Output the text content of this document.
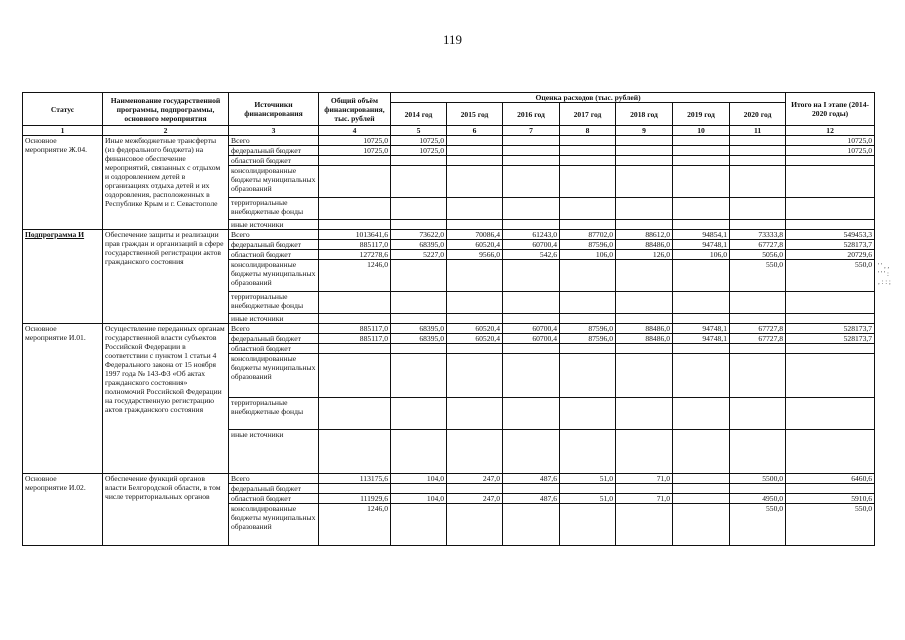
119
Статус	Наименование государственной программы, подпрограммы, основного мероприятия	Источники финансирования	Общий объём финансирования, тыс. рублей	Оценка расходов (тыс. рублей)							Итого на I этапе (2014-2020 годы)
				2014 год	2015 год	2016 год	2017 год	2018 год	2019 год	2020 год	
1	2	3	4	5	6	7	8	9	10	11	12
Основное мероприятие Ж.04.	Иные межбюджетные трансферты (из федерального бюджета) на финансовое обеспечение мероприятий, связанных с отдыхом и оздоровлением детей в организациях отдыха детей и их оздоровления, расположенных в Республике Крым и г. Севастополе	Всего	10725,0	10725,0							10725,0
		федеральный бюджет	10725,0	10725,0							10725,0
		областной бюджет									
		консолидированные бюджеты муниципальных образований									
		территориальные внебюджетные фонды									
		иные источники									
Подпрограмма И	Обеспечение защиты и реализации прав граждан и организаций в сфере государственной регистрации актов гражданского состояния	Всего	1013641,6	73622,0	70086,4	61243,0	87702,0	88612,0	94854,1	73333,8	549453,3
		федеральный бюджет	885117,0	68395,0	60520,4	60700,4	87596,0	88486,0	94748,1	67727,8	528173,7
		областной бюджет	127278,6	5227,0	9566,0	542,6	106,0	126,0	106,0	5056,0	20729,6
		консолидированные бюджеты муниципальных образований	1246,0							550,0	550,0
		территориальные внебюджетные фонды									
		иные источники									
Основное мероприятие И.01.	Осуществление переданных органам государственной власти субъектов Российской Федерации в соответствии с пунктом 1 статьи 4 Федерального закона от 15 ноября 1997 года № 143-ФЗ «Об актах гражданского состояния» полномочий Российской Федерации на государственную регистрацию актов гражданского состояния	Всего	885117,0	68395,0	60520,4	60700,4	87596,0	88486,0	94748,1	67727,8	528173,7
		федеральный бюджет	885117,0	68395,0	60520,4	60700,4	87596,0	88486,0	94748,1	67727,8	528173,7
		областной бюджет									
		консолидированные бюджеты муниципальных образований									
		территориальные внебюджетные фонды									
		иные источники									
Основное мероприятие И.02.	Обеспечение функций органов власти Белгородской области, в том числе территориальных органов	Всего	113175,6	104,0	247,0	487,6	51,0	71,0		5500,0	6460,6
		федеральный бюджет									
		областной бюджет	111929,6	104,0	247,0	487,6	51,0	71,0		4950,0	5910,6
		консолидированные бюджеты муниципальных образований	1246,0							550,0	550,0
' ' , ,
' ' ' :
, : : ;
